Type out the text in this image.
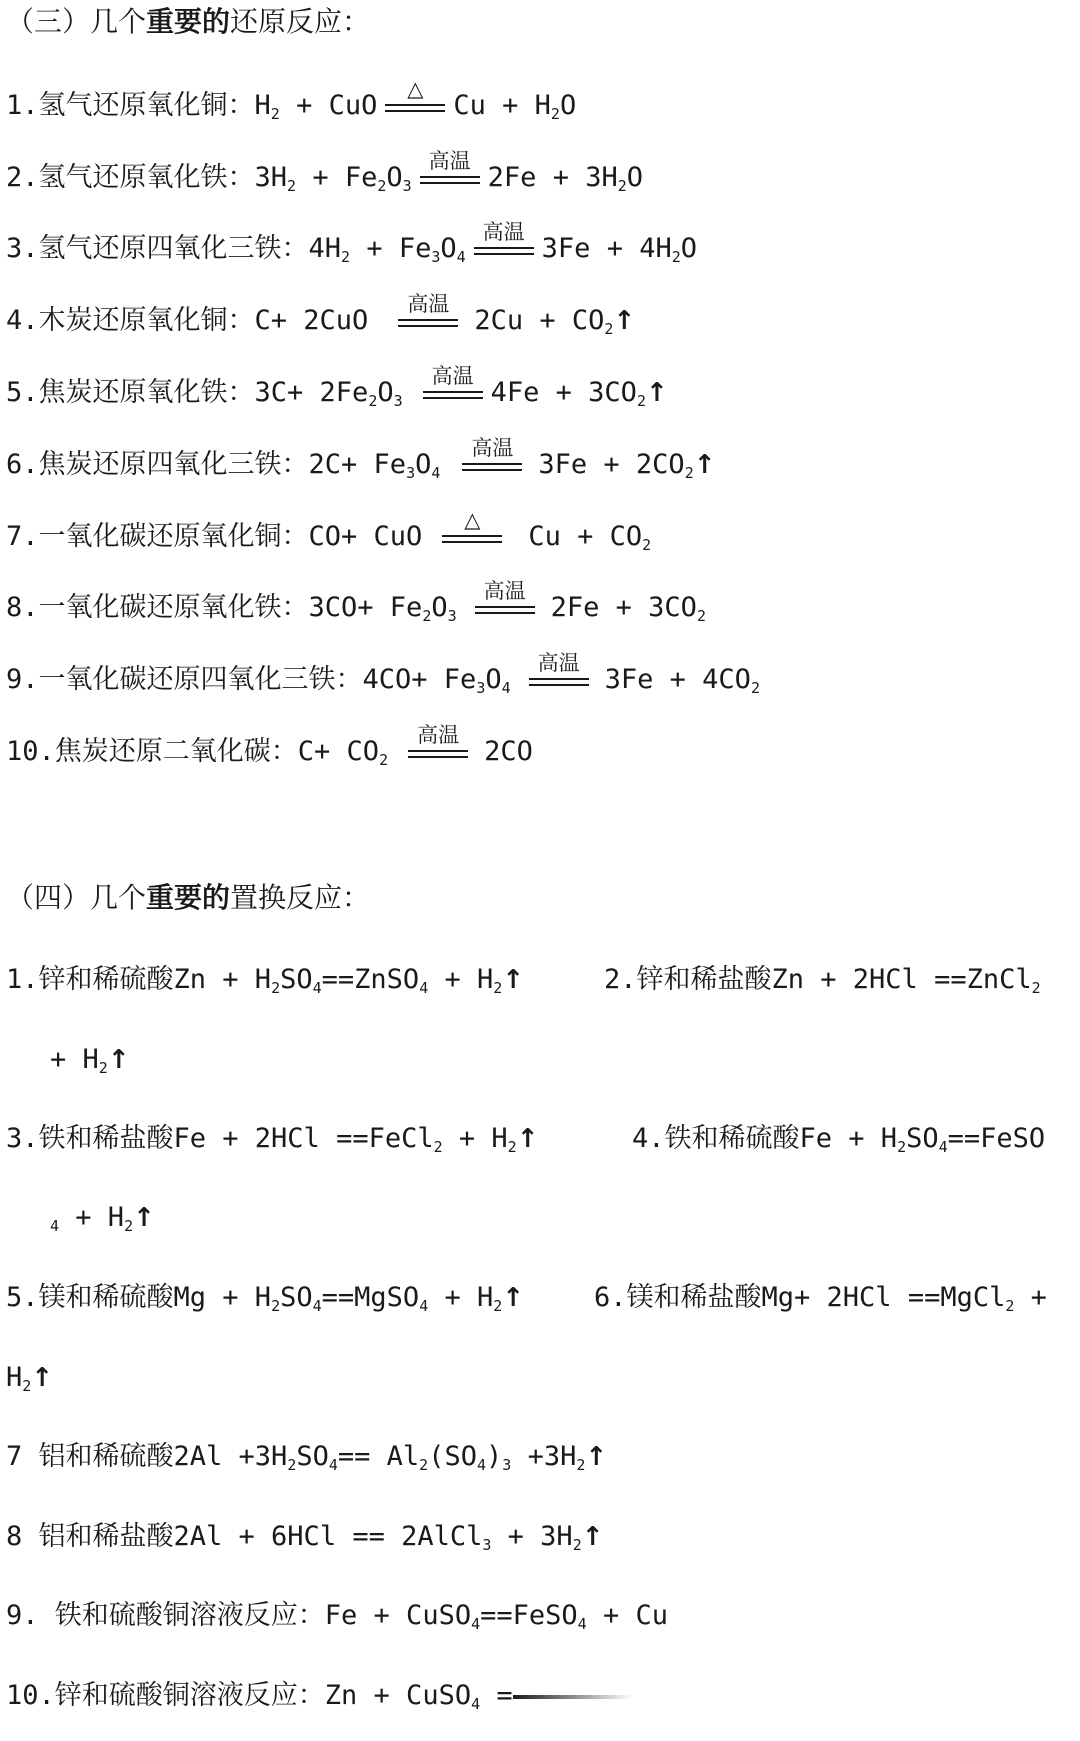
（三）几个重要的还原反应：
1.氢气还原氧化铜：$H_2$ + CuO
△
$Cu + H_2O$
2.氢气还原氧化铁：$3H_2 + Fe_2O_3$
高温
$2Fe + 3H_2O$
3.氢气还原四氧化三铁：$4H_2 + Fe_3O_4$
高温
$3Fe + 4H_2O$
4.木炭还原氧化铜：C+ 2CuO
高温
$2Cu + CO_2↑$
5.焦炭还原氧化铁：$3C+ 2Fe_2O_3$
高温
$4Fe + 3CO_2↑$
6.焦炭还原四氧化三铁：$2C+ Fe_3O_4$
高温
$3Fe + 2CO_2↑$
7.一氧化碳还原氧化铜：CO+ CuO
△
$Cu + CO_2$
8.一氧化碳还原氧化铁：$3CO+ Fe_2O_3$
高温
$2Fe + 3CO_2$
9.一氧化碳还原四氧化三铁：$4CO+ Fe_3O_4$
高温
$3Fe + 4CO_2$
10.焦炭还原二氧化碳：$C+ CO_2$
高温
2CO
（四）几个重要的置换反应：
1.锌和稀硫酸$Zn + H_2SO_4==ZnSO_4$ + $H_2↑$	2.锌和稀盐酸Zn + 2HCl ==ZnCl$_2$
+ $H_2↑$
3.铁和稀盐酸Fe + 2HCl ==FeCl$_2$ + $H_2↑$	4.铁和稀硫酸$Fe + H_2SO_4==FeSO$
$_4 + H_2↑$
5.镁和稀硫酸$Mg + H_2SO_4==MgSO_4$ + $H_2↑$	6.镁和稀盐酸Mg+ 2HCl ==MgCl$_2$ +
$H_2↑$
7 铝和稀硫酸$2Al +3H_2SO_4== Al_2(SO_4)_3$ $+3H_2↑$
8 铝和稀盐酸2Al + 6HCl == 2AlCl$_3$ + $3H_2↑$
9. 铁和硫酸铜溶液反应：Fe + CuSO$_4$==FeSO$_4$ + Cu
10.锌和硫酸铜溶液反应：Zn + CuSO$_4$ =
